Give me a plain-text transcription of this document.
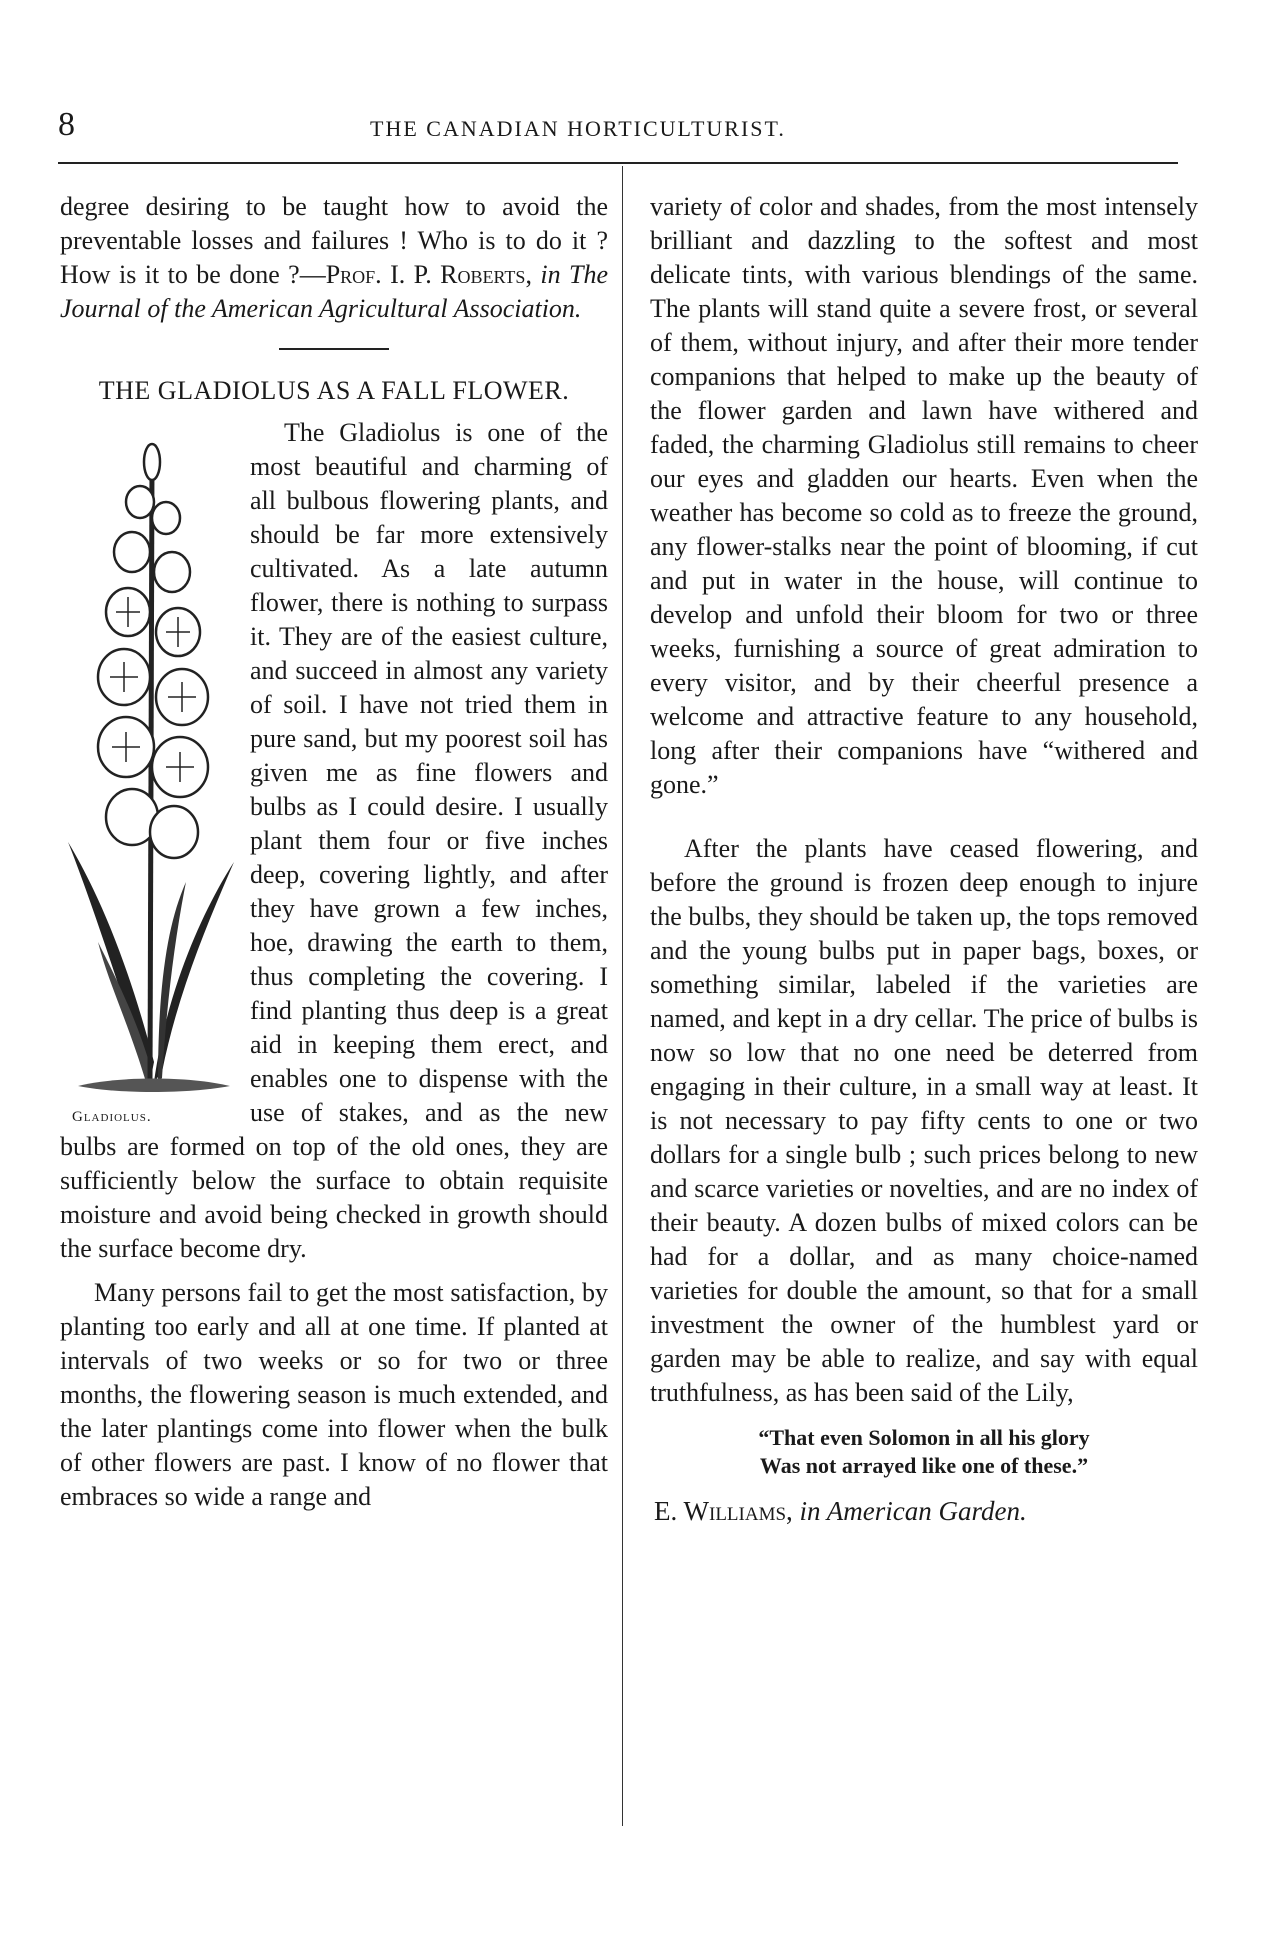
8	THE CANADIAN HORTICULTURIST.

degree desiring to be taught how to avoid the preventable losses and failures ! Who is to do it ? How is it to be done ?—Prof. I. P. Roberts, in The Journal of the American Agricultural Association.

THE GLADIOLUS AS A FALL FLOWER.
Gladiolus.

The Gladiolus is one of the most beautiful and charming of all bulbous flowering plants, and should be far more extensively cultivated. As a late autumn flower, there is nothing to surpass it. They are of the easiest culture, and succeed in almost any variety of soil. I have not tried them in pure sand, but my poorest soil has given me as fine flowers and bulbs as I could desire. I usually plant them four or five inches deep, covering lightly, and after they have grown a few inches, hoe, drawing the earth to them, thus completing the covering. I find planting thus deep is a great aid in keeping them erect, and enables one to dispense with the use of stakes, and as the new bulbs are formed on top of the old ones, they are sufficiently below the surface to obtain requisite moisture and avoid being checked in growth should the surface become dry.

Many persons fail to get the most satisfaction, by planting too early and all at one time. If planted at intervals of two weeks or so for two or three months, the flowering season is much extended, and the later plantings come into flower when the bulk of other flowers are past. I know of no flower that embraces so wide a range and

variety of color and shades, from the most intensely brilliant and dazzling to the softest and most delicate tints, with various blendings of the same. The plants will stand quite a severe frost, or several of them, without injury, and after their more tender companions that helped to make up the beauty of the flower garden and lawn have withered and faded, the charming Gladiolus still remains to cheer our eyes and gladden our hearts. Even when the weather has become so cold as to freeze the ground, any flower-stalks near the point of blooming, if cut and put in water in the house, will continue to develop and unfold their bloom for two or three weeks, furnishing a source of great admiration to every visitor, and by their cheerful presence a welcome and attractive feature to any household, long after their companions have “withered and gone.”

After the plants have ceased flowering, and before the ground is frozen deep enough to injure the bulbs, they should be taken up, the tops removed and the young bulbs put in paper bags, boxes, or something similar, labeled if the varieties are named, and kept in a dry cellar. The price of bulbs is now so low that no one need be deterred from engaging in their culture, in a small way at least. It is not necessary to pay fifty cents to one or two dollars for a single bulb ; such prices belong to new and scarce varieties or novelties, and are no index of their beauty. A dozen bulbs of mixed colors can be had for a dollar, and as many choice-named varieties for double the amount, so that for a small investment the owner of the humblest yard or garden may be able to realize, and say with equal truthfulness, as has been said of the Lily,

“That even Solomon in all his glory
Was not arrayed like one of these.”

E. Williams, in American Garden.
